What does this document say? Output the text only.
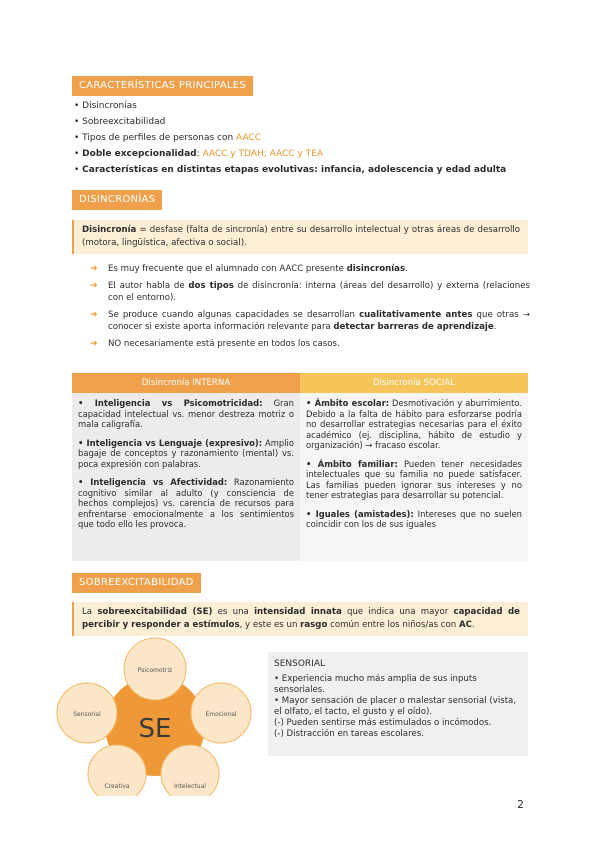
CARACTERÍSTICAS PRINCIPALES
• Disincronías
• Sobreexcitabilidad
• Tipos de perfiles de personas con AACC
• Doble excepcionalidad: AACC y TDAH; AACC y TEA
• Características en distintas etapas evolutivas: infancia, adolescencia y edad adulta
DISINCRONÍAS
Disincronía = desfase (falta de sincronía) entre su desarrollo intelectual y otras áreas de desarrollo (motora, lingüística, afectiva o social).
➔ Es muy frecuente que el alumnado con AACC presente disincronías.
➔ El autor habla de dos tipos de disincronía: interna (áreas del desarrollo) y externa (relaciones con el entorno).
➔ Se produce cuando algunas capacidades se desarrollan cualitativamente antes que otras → conocer si existe aporta información relevante para detectar barreras de aprendizaje.
➔ NO necesariamente está presente en todos los casos.
Disincronía INTERNA	Disincronía SOCIAL

• Inteligencia vs Psicomotricidad: Gran capacidad intelectual vs. menor destreza motriz o mala caligrafía.

• Inteligencia vs Lenguaje (expresivo): Amplio bagaje de conceptos y razonamiento (mental) vs. poca expresión con palabras.

• Inteligencia vs Afectividad: Razonamiento cognitivo similar al adulto (y consciencia de hechos complejos) vs. carencia de recursos para enfrentarse emocionalmente a los sentimientos que todo ello les provoca.

• Ámbito escolar: Desmotivación y aburrimiento. Debido a la falta de hábito para esforzarse podría no desarrollar estrategias necesarias para el éxito académico (ej. disciplina, hábito de estudio y organización) → fracaso escolar.

• Ámbito familiar: Pueden tener necesidades intelectuales que su familia no puede satisfacer. Las familias pueden ignorar sus intereses y no tener estrategias para desarrollar su potencial.

• Iguales (amistades): Intereses que no suelen coincidir con los de sus iguales

SOBREEXCITABILIDAD
La sobreexcitabilidad (SE) es una intensidad innata que indica una mayor capacidad de percibir y responder a estímulos, y este es un rasgo común entre los niños/as con AC.
SE
Psicomotriz
Emocional
Intelectual
Creativa
Sensorial
SENSORIAL
• Experiencia mucho más amplia de sus inputs sensoriales.
• Mayor sensación de placer o malestar sensorial (vista, el olfato, el tacto, el gusto y el oído).
(-) Pueden sentirse más estimulados o incómodos.
(-) Distracción en tareas escolares.
2
